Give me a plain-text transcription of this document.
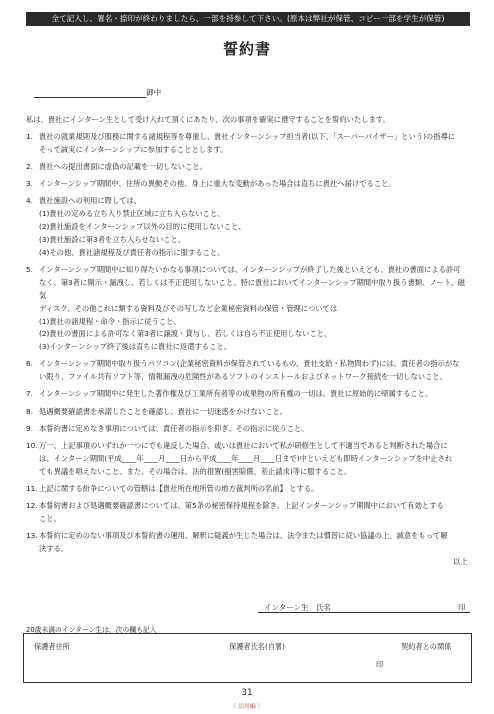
全て記入し、署名・捺印が終わりましたら、一部を持参して下さい。(原本は弊社が保管、コピー一部を学生が保管)
誓約書
御中
私は、貴社にインターン生として受け入れて頂くにあたり、次の事項を確実に遵守することを誓約いたします。
1. 貴社の就業規則及び服務に関する諸規程等を尊重し、貴社インターンシップ担当者(以下、「スーパーバイザー」という)の指導に
そって誠実にインターンシップに参加することとします。
2. 貴社への提出書面に虚偽の記載を一切しないこと。
3. インターンシップ期間中、住所の異動その他、身上に重大な変動があった場合は直ちに貴社へ届けでること。
4. 貴社施設への利用に際しては、
(1)貴社の定める立ち入り禁止区域に立ち入らないこと、
(2)貴社施設をインターンシップ以外の目的に使用しないこと、
(3)貴社施設に第3者を立ち入らせないこと、
(4)その他、貴社諸規程及び責任者の指示に服すること。
5. インターンシップ期間中に知り得たいかなる事項については、インターンシップが終了した後といえども、貴社の書面による許可
なく、第3者に開示・漏洩し、若しくは不正使用しないこと。特に貴社においてインターンシップ期間中取り扱う書類、ノート、磁気
ディスク、その他これに類する資料及びその写しなど企業秘密資料の保管・管理については
(1)貴社の諸規程・命令・指示に従うこと、
(2)貴社の書面による許可なく第3者に譲渡・貸与し、若しくは自ら不正使用しないこと、
(3)インターンシップ終了後は直ちに貴社に返還すること。
6. インターンシップ期間中取り扱うパソコン(企業秘密資料が保管されているもの、貴社支給・私物問わず)には、責任者の指示がな
い限り、ファイル共有ソフト等、情報漏洩の危険性があるソフトのインストールおよびネットワーク接続を一切しないこと。
7. インターンシップ期間中に発生した著作権及び工業所有者等の成果物の所有権の一切は、貴社に原始的に帰属すること。
8. 処遇概要確認書を承諾したことを確認し、貴社に一切迷惑をかけないこと。
9. 本誓約書に定めなき事項については、責任者の指示を仰ぎ、その指示に従うこと。
10. 万一、上記事項のいずれか一つにでも違反した場合、或いは貴社において私が研修生として不適当であると判断された場合に
は、インターン期間(平成____年____月____日から平成____年____月____日まで)中といえども即時インターンシップを中止され
ても異議を唱えないこと、また、その場合は、法的措置(損害賠償、差止請求)等に服すること。
11. 上記に関する紛争についての管轄は【貴社所在地所管の地方裁判所の名前】 とする。
12. 本誓約書および処遇概要確認書については、第5条の秘密保持規程を除き、上記インターンシップ期間中において有効とする
こと。
13. 本誓約に定めのない事項及び本誓約書の運用、解釈に疑義が生じた場合は、法令または慣習に従い協議の上、誠意をもって解
決する。
以上
インターン生　氏名	印
20歳未満のインターン生は、次の欄も記入
保護者住所	保護者氏名(自署)	契約者との関係
印
31
〈 活用編 〉
